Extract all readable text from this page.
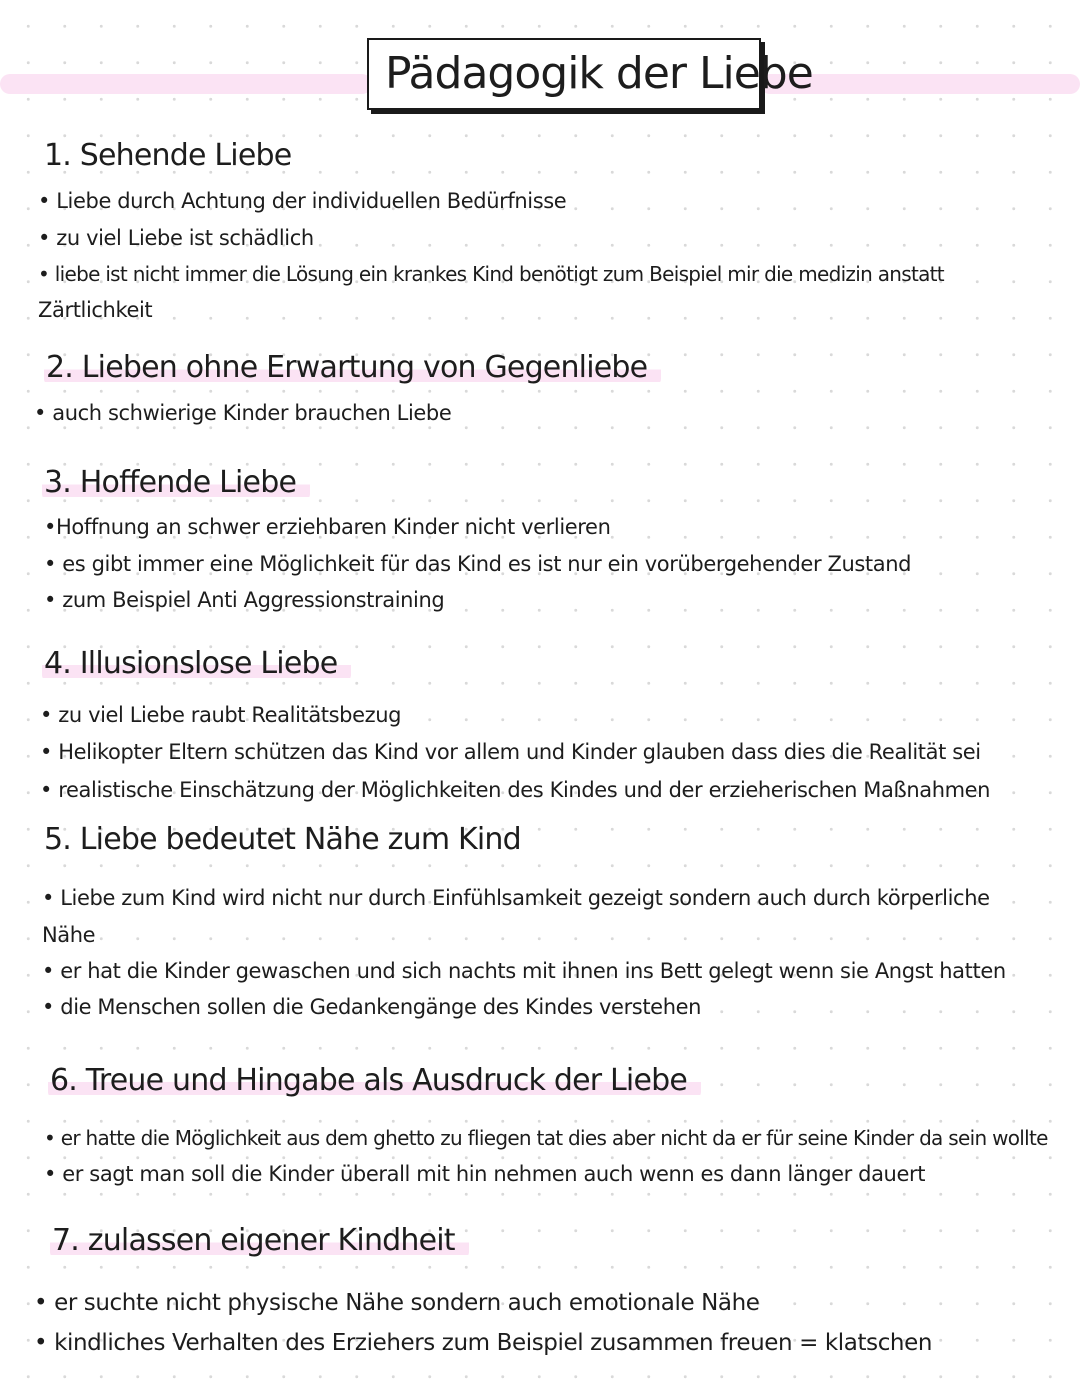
Pädagogik der Liebe
1. Sehende Liebe
• Liebe durch Achtung der individuellen Bedürfnisse
• zu viel Liebe ist schädlich
• liebe ist nicht immer die Lösung ein krankes Kind benötigt zum Beispiel mir die medizin anstatt
Zärtlichkeit
2. Lieben ohne Erwartung von Gegenliebe
• auch schwierige Kinder brauchen Liebe
3. Hoffende Liebe
•Hoffnung an schwer erziehbaren Kinder nicht verlieren
• es gibt immer eine Möglichkeit für das Kind es ist nur ein vorübergehender Zustand
• zum Beispiel Anti Aggressionstraining
4. Illusionslose Liebe
• zu viel Liebe raubt Realitätsbezug
• Helikopter Eltern schützen das Kind vor allem und Kinder glauben dass dies die Realität sei
• realistische Einschätzung der Möglichkeiten des Kindes und der erzieherischen Maßnahmen
5. Liebe bedeutet Nähe zum Kind
• Liebe zum Kind wird nicht nur durch Einfühlsamkeit gezeigt sondern auch durch körperliche
Nähe
• er hat die Kinder gewaschen und sich nachts mit ihnen ins Bett gelegt wenn sie Angst hatten
• die Menschen sollen die Gedankengänge des Kindes verstehen
6. Treue und Hingabe als Ausdruck der Liebe
• er hatte die Möglichkeit aus dem ghetto zu fliegen tat dies aber nicht da er für seine Kinder da sein wollte
• er sagt man soll die Kinder überall mit hin nehmen auch wenn es dann länger dauert
7. zulassen eigener Kindheit
• er suchte nicht physische Nähe sondern auch emotionale Nähe
• kindliches Verhalten des Erziehers zum Beispiel zusammen freuen = klatschen
